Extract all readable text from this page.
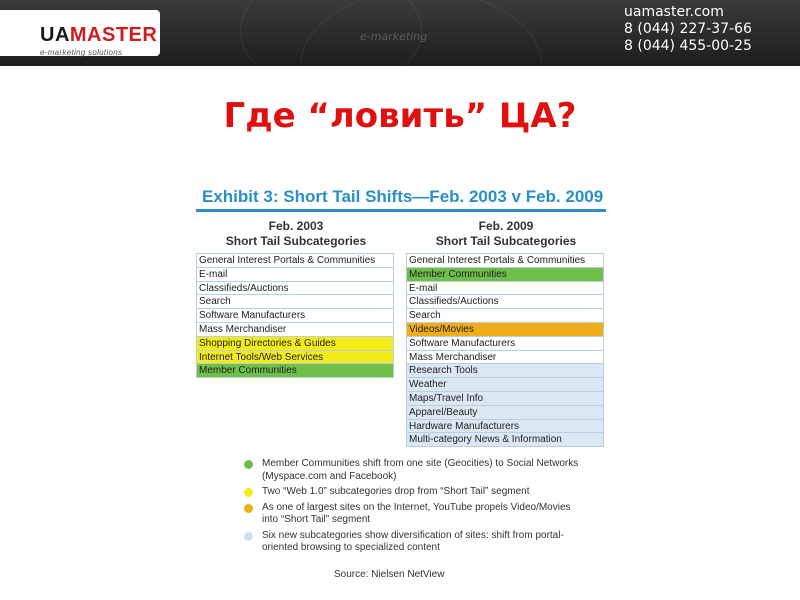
e-marketing
UAMASTER
e-marketing solutions
uamaster.com
8 (044) 227-37-66
8 (044) 455-00-25
Где “ловить” ЦА?
Exhibit 3: Short Tail Shifts—Feb. 2003 v Feb. 2009
Feb. 2003
Short Tail Subcategories
Feb. 2009
Short Tail Subcategories
General Interest Portals & Communities
E-mail
Classifieds/Auctions
Search
Software Manufacturers
Mass Merchandiser
Shopping Directories & Guides
Internet Tools/Web Services
Member Communities
General Interest Portals & Communities
Member Communities
E-mail
Classifieds/Auctions
Search
Videos/Movies
Software Manufacturers
Mass Merchandiser
Research Tools
Weather
Maps/Travel Info
Apparel/Beauty
Hardware Manufacturers
Multi-category News & Information
Member Communities shift from one site (Geocities) to Social Networks (Myspace.com and Facebook)
Two “Web 1.0” subcategories drop from “Short Tail” segment
As one of largest sites on the Internet, YouTube propels Video/Movies into “Short Tail” segment
Six new subcategories show diversification of sites: shift from portal-oriented browsing to specialized content
Source: Nielsen NetView
